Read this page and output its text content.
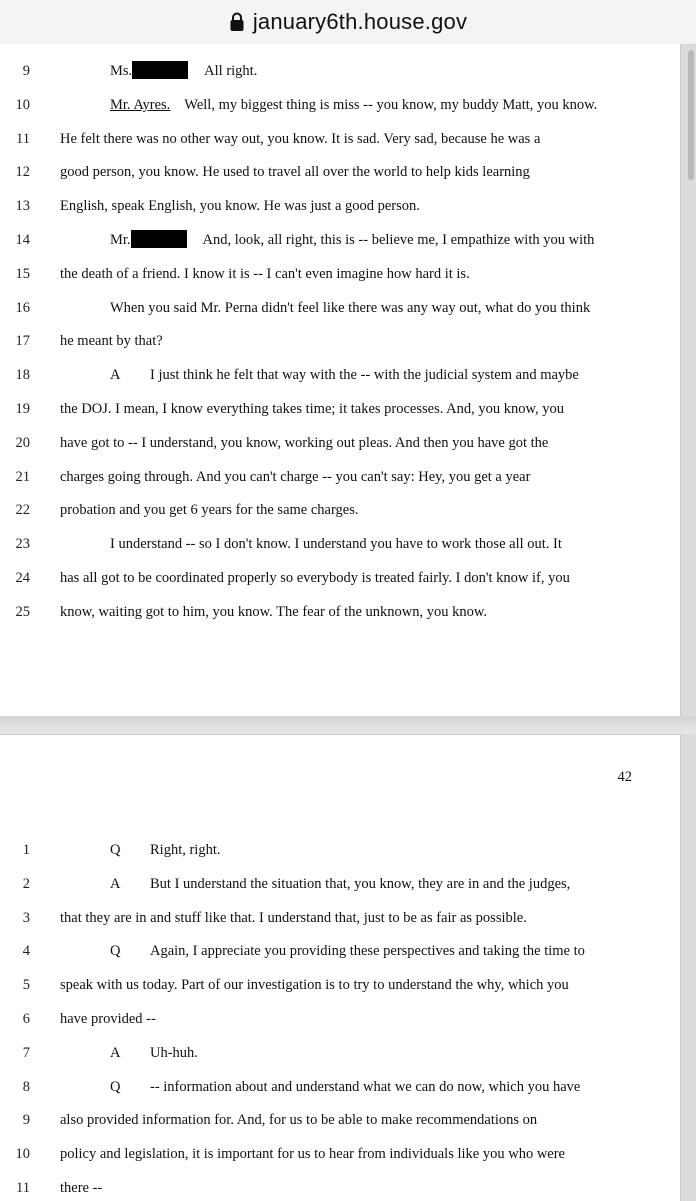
january6th.house.gov
9	Ms.	All right.
10	Mr. Ayres. Well, my biggest thing is miss -- you know, my buddy Matt, you know.
11 He felt there was no other way out, you know. It is sad. Very sad, because he was a
12 good person, you know. He used to travel all over the world to help kids learning
13 English, speak English, you know. He was just a good person.
14	Mr.	And, look, all right, this is -- believe me, I empathize with you with
15 the death of a friend. I know it is -- I can't even imagine how hard it is.
16	When you said Mr. Perna didn't feel like there was any way out, what do you think
17 he meant by that?
18	A I just think he felt that way with the -- with the judicial system and maybe
19 the DOJ. I mean, I know everything takes time; it takes processes. And, you know, you
20 have got to -- I understand, you know, working out pleas. And then you have got the
21 charges going through. And you can't charge -- you can't say: Hey, you get a year
22 probation and you get 6 years for the same charges.
23	I understand -- so I don't know. I understand you have to work those all out. It
24 has all got to be coordinated properly so everybody is treated fairly. I don't know if, you
25 know, waiting got to him, you know. The fear of the unknown, you know.
42
1	Q Right, right.
2	A But I understand the situation that, you know, they are in and the judges,
3 that they are in and stuff like that. I understand that, just to be as fair as possible.
4	Q Again, I appreciate you providing these perspectives and taking the time to
5 speak with us today. Part of our investigation is to try to understand the why, which you
6 have provided --
7	A Uh-huh.
8	Q -- information about and understand what we can do now, which you have
9 also provided information for. And, for us to be able to make recommendations on
10 policy and legislation, it is important for us to hear from individuals like you who were
11 there --
